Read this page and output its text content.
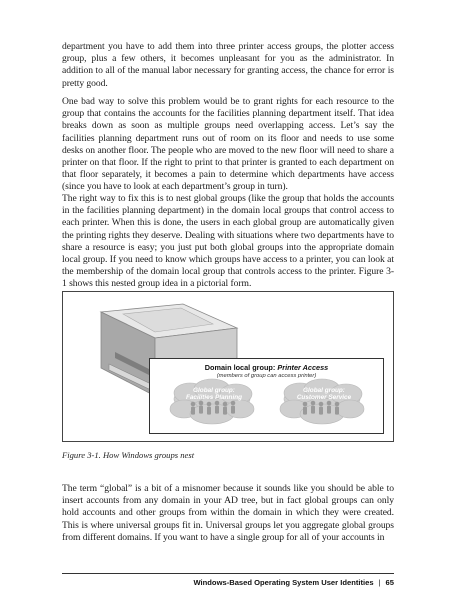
department you have to add them into three printer access groups, the plotter access group, plus a few others, it becomes unpleasant for you as the administrator. In addition to all of the manual labor necessary for granting access, the chance for error is pretty good.

One bad way to solve this problem would be to grant rights for each resource to the group that contains the accounts for the facilities planning department itself. That idea breaks down as soon as multiple groups need overlapping access. Let’s say the facilities planning department runs out of room on its floor and needs to use some desks on another floor. The people who are moved to the new floor will need to share a printer on that floor. If the right to print to that printer is granted to each department on that floor separately, it becomes a pain to determine which departments have access (since you have to look at each department’s group in turn).

The right way to fix this is to nest global groups (like the group that holds the accounts in the facilities planning department) in the domain local groups that control access to each printer. When this is done, the users in each global group are automatically given the printing rights they deserve. Dealing with situations where two departments have to share a resource is easy; you just put both global groups into the appropriate domain local group. If you need to know which groups have access to a printer, you can look at the membership of the domain local group that controls access to the printer. Figure 3-1 shows this nested group idea in a pictorial form.

Domain local group: Printer Access
(members of group can access printer)
Global group:
Facilities Planning
Global group:
Customer Service
Figure 3-1. How Windows groups nest

The term “global” is a bit of a misnomer because it sounds like you should be able to insert accounts from any domain in your AD tree, but in fact global groups can only hold accounts and other groups from within the domain in which they were created. This is where universal groups fit in. Universal groups let you aggregate global groups from different domains. If you want to have a single group for all of your accounts in

Windows-Based Operating System User Identities | 65
